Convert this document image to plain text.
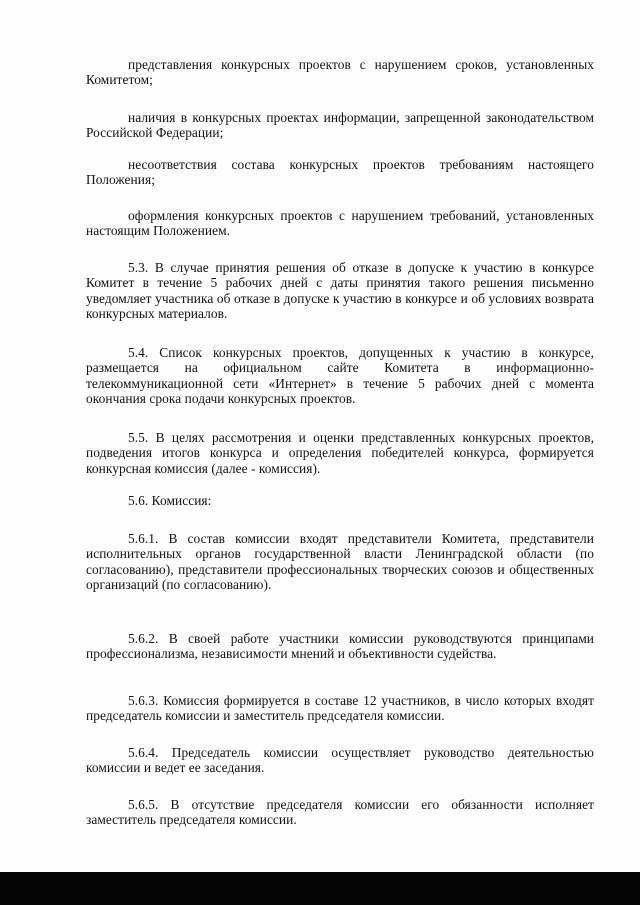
представления конкурсных проектов с нарушением сроков, установленных Комитетом;

наличия в конкурсных проектах информации, запрещенной законодательством Российской Федерации;

несоответствия состава конкурсных проектов требованиям настоящего Положения;

оформления конкурсных проектов с нарушением требований, установленных настоящим Положением.

5.3. В случае принятия решения об отказе в допуске к участию в конкурсе Комитет в течение 5 рабочих дней с даты принятия такого решения письменно уведомляет участника об отказе в допуске к участию в конкурсе и об условиях возврата конкурсных материалов.

5.4. Список конкурсных проектов, допущенных к участию в конкурсе, размещается на официальном сайте Комитета в информационно-телекоммуникационной сети «Интернет» в течение 5 рабочих дней с момента окончания срока подачи конкурсных проектов.

5.5. В целях рассмотрения и оценки представленных конкурсных проектов, подведения итогов конкурса и определения победителей конкурса, формируется конкурсная комиссия (далее - комиссия).

5.6. Комиссия:

5.6.1. В состав комиссии входят представители Комитета, представители исполнительных органов государственной власти Ленинградской области (по согласованию), представители профессиональных творческих союзов и общественных организаций (по согласованию).

5.6.2. В своей работе участники комиссии руководствуются принципами профессионализма, независимости мнений и объективности судейства.

5.6.3. Комиссия формируется в составе 12 участников, в число которых входят председатель комиссии и заместитель председателя комиссии.

5.6.4. Председатель комиссии осуществляет руководство деятельностью комиссии и ведет ее заседания.

5.6.5. В отсутствие председателя комиссии его обязанности исполняет заместитель председателя комиссии.
